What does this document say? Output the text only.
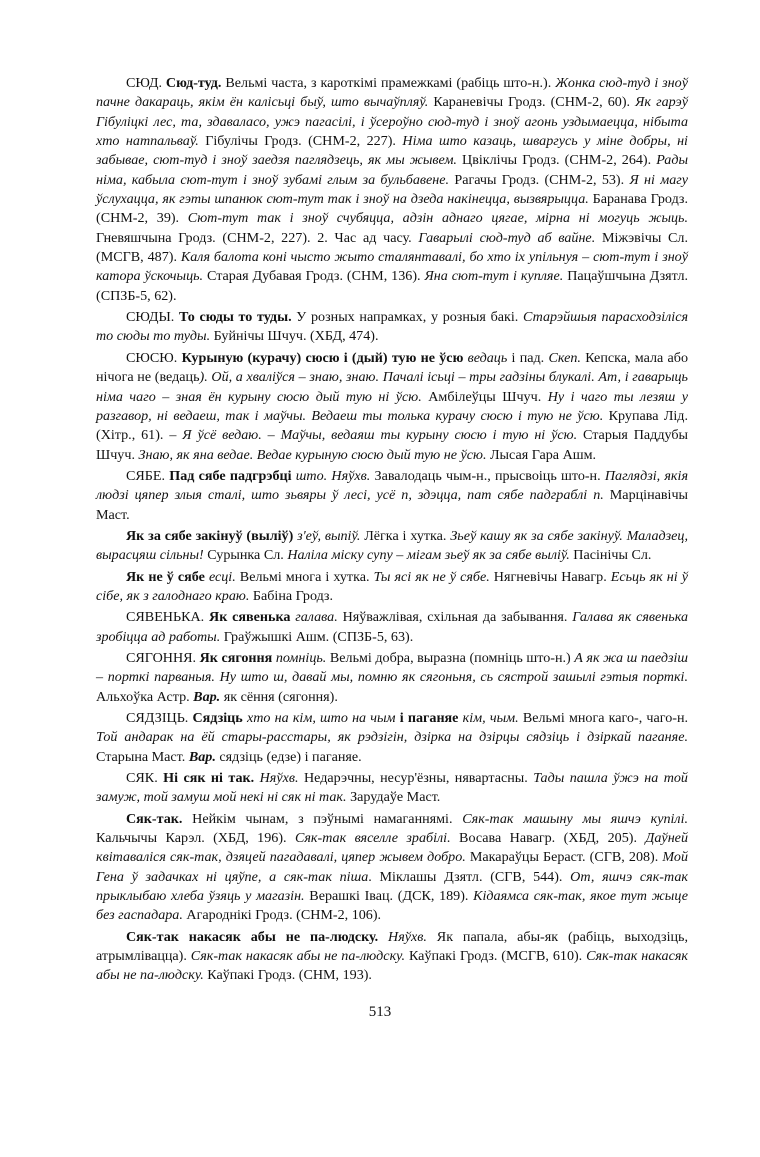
СЮД. Сюд-туд. Вельмі часта, з кароткімі прамежкамі (рабіць што-н.). Жонка сюд-туд і зноў пачне дакараць, якім ён калісьці быў, што вычаўпляў. Караневічы Гродз. (СНМ-2, 60). Як гарэў Гібуліцкі лес, та, здаваласо, ужэ пагасілі, і ўсероўно сюд-туд і зноў агонь уздымаецца, нібыта хто натпальваў. Гібулічы Гродз. (СНМ-2, 227). Німа што казаць, шваргусь у міне добры, ні забывае, сют-туд і зноў заедзя паглядзець, як мы жывем. Цвіклічы Гродз. (СНМ-2, 264). Рады німа, кабыла сют-тут і зноў зубамі глым за бульбавене. Рагачы Гродз. (СНМ-2, 53). Я ні магу ўслухацца, як гэты шпанюк сют-тут так і зноў на дзеда накінецца, вызвярыцца. Баранава Гродз. (СНМ-2, 39). Сют-тут так і зноў счубяцца, адзін аднаго цягае, мірна ні могуць жыць. Гневяшчына Гродз. (СНМ-2, 227). 2. Час ад часу. Гаварылі сюд-туд аб вайне. Міжэвічы Сл. (МСГВ, 487). Каля балота коні чысто жыто сталянтавалі, бо хто іх упільнуя – сют-тут і зноў катора ўскочыць. Старая Дубавая Гродз. (СНМ, 136). Яна сют-тут і купляе. Пацаўшчына Дзятл. (СПЗБ-5, 62).

СЮДЫ. То сюды то туды. У розных напрамках, у розныя бакі. Старэйшыя парасходзіліся то сюды то туды. Буйнічы Шчуч. (ХБД, 474).

СЮСЮ. Курыную (курачу) сюсю і (дый) тую не ўсю ведаць і пад. Скеп. Кепска, мала або нічога не (ведаць). Ой, а хваліўся – знаю, знаю. Пачалі ісьці – тры гадзіны блукалі. Ат, і гаварыць німа чаго – зная ён курыну сюсю дый тую ні ўсю. Амбілеўцы Шчуч. Ну і чаго ты лезяш у разгавор, ні ведаеш, так і маўчы. Ведаеш ты толька курачу сюсю і тую не ўсю. Крупава Лід. (Хітр., 61). – Я ўсё ведаю. – Маўчы, ведаяш ты курыну сюсю і тую ні ўсю. Старыя Паддубы Шчуч. Знаю, як яна ведае. Ведае курыную сюсю дый тую не ўсю. Лысая Гара Ашм.

СЯБЕ. Пад сябе падгрэбці што. Няўхв. Завалодаць чым-н., прысвоіць што-н. Паглядзі, якія людзі цяпер злыя сталі, што зьвяры ў лесі, усё п, здэцца, пат сябе падграблі п. Марцінавічы Маст.

Як за сябе закінуў (выліў) з'еў, выпіў. Лёгка і хутка. Зьеў кашу як за сябе закінуў. Маладзец, вырасцяш сільны! Сурынка Сл. Наліла міску супу – мігам зьеў як за сябе выліў. Пасінічы Сл.

Як не ў сябе есці. Вельмі многа і хутка. Ты ясі як не ў сябе. Нягневічы Навагр. Есьць як ні ў сібе, як з галоднаго краю. Бабіна Гродз.

СЯВЕНЬКА. Як сявенька галава. Няўважлівая, схільная да забывання. Галава як сявенька зробіцца ад работы. Граўжышкі Ашм. (СПЗБ-5, 63).

СЯГОННЯ. Як сягоння помніць. Вельмі добра, выразна (помніць што-н.) А як жа ш паедзіш – порткі парваныя. Ну што ш, давай мы, помню як сягоньня, сь сястрой зашылі гэтыя порткі. Альхоўка Астр. Вар. як сёння (сягоння).

СЯДЗІЦЬ. Сядзіць хто на кім, што на чым і паганяе кім, чым. Вельмі многа каго-, чаго-н. Той андарак на ёй стары-расстары, як рэдзігін, дзірка на дзірцы сядзіць і дзіркай паганяе. Старына Маст. Вар. сядзіць (едзе) і паганяе.

СЯК. Ні сяк ні так. Няўхв. Недарэчны, несур'ёзны, нявартасны. Тады пашла ўжэ на той замуж, той замуш мой некі ні сяк ні так. Зарудаўе Маст.

Сяк-так. Нейкім чынам, з пэўнымі намаганнямі. Сяк-так машыну мы яшчэ купілі. Кальчычы Карэл. (ХБД, 196). Сяк-так вяселле зрабілі. Восава Навагр. (ХБД, 205). Даўней квітаваліся сяк-так, дзяцей пагадавалі, цяпер жывем добро. Макараўцы Бераст. (СГВ, 208). Мой Гена ў задачках ні цяўпе, а сяк-так піша. Міклашы Дзятл. (СГВ, 544). От, яшчэ сяк-так прыклыбаю хлеба ўзяць у магазін. Верашкі Івац. (ДСК, 189). Кідаямса сяк-так, якое тут жыце без гаспадара. Агароднікі Гродз. (СНМ-2, 106).

Сяк-так накасяк абы не па-людску. Няўхв. Як папала, абы-як (рабіць, выходзіць, атрымлівацца). Сяк-так накасяк абы не па-людску. Каўпакі Гродз. (МСГВ, 610). Сяк-так накасяк абы не па-людску. Каўпакі Гродз. (СНМ, 193).

513
